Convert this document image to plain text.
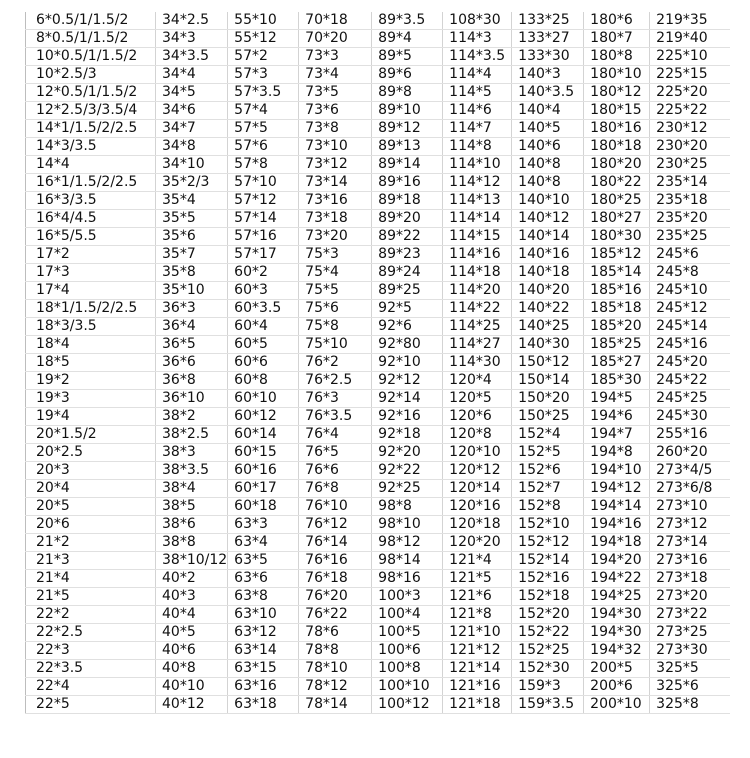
6*0.5/1/1.5/2	34*2.5	55*10	70*18	89*3.5	108*30	133*25	180*6	219*35
8*0.5/1/1.5/2	34*3	55*12	70*20	89*4	114*3	133*27	180*7	219*40
10*0.5/1/1.5/2	34*3.5	57*2	73*3	89*5	114*3.5	133*30	180*8	225*10
10*2.5/3	34*4	57*3	73*4	89*6	114*4	140*3	180*10	225*15
12*0.5/1/1.5/2	34*5	57*3.5	73*5	89*8	114*5	140*3.5	180*12	225*20
12*2.5/3/3.5/4	34*6	57*4	73*6	89*10	114*6	140*4	180*15	225*22
14*1/1.5/2/2.5	34*7	57*5	73*8	89*12	114*7	140*5	180*16	230*12
14*3/3.5	34*8	57*6	73*10	89*13	114*8	140*6	180*18	230*20
14*4	34*10	57*8	73*12	89*14	114*10	140*8	180*20	230*25
16*1/1.5/2/2.5	35*2/3	57*10	73*14	89*16	114*12	140*8	180*22	235*14
16*3/3.5	35*4	57*12	73*16	89*18	114*13	140*10	180*25	235*18
16*4/4.5	35*5	57*14	73*18	89*20	114*14	140*12	180*27	235*20
16*5/5.5	35*6	57*16	73*20	89*22	114*15	140*14	180*30	235*25
17*2	35*7	57*17	75*3	89*23	114*16	140*16	185*12	245*6
17*3	35*8	60*2	75*4	89*24	114*18	140*18	185*14	245*8
17*4	35*10	60*3	75*5	89*25	114*20	140*20	185*16	245*10
18*1/1.5/2/2.5	36*3	60*3.5	75*6	92*5	114*22	140*22	185*18	245*12
18*3/3.5	36*4	60*4	75*8	92*6	114*25	140*25	185*20	245*14
18*4	36*5	60*5	75*10	92*80	114*27	140*30	185*25	245*16
18*5	36*6	60*6	76*2	92*10	114*30	150*12	185*27	245*20
19*2	36*8	60*8	76*2.5	92*12	120*4	150*14	185*30	245*22
19*3	36*10	60*10	76*3	92*14	120*5	150*20	194*5	245*25
19*4	38*2	60*12	76*3.5	92*16	120*6	150*25	194*6	245*30
20*1.5/2	38*2.5	60*14	76*4	92*18	120*8	152*4	194*7	255*16
20*2.5	38*3	60*15	76*5	92*20	120*10	152*5	194*8	260*20
20*3	38*3.5	60*16	76*6	92*22	120*12	152*6	194*10	273*4/5
20*4	38*4	60*17	76*8	92*25	120*14	152*7	194*12	273*6/8
20*5	38*5	60*18	76*10	98*8	120*16	152*8	194*14	273*10
20*6	38*6	63*3	76*12	98*10	120*18	152*10	194*16	273*12
21*2	38*8	63*4	76*14	98*12	120*20	152*12	194*18	273*14
21*3	38*10/12	63*5	76*16	98*14	121*4	152*14	194*20	273*16
21*4	40*2	63*6	76*18	98*16	121*5	152*16	194*22	273*18
21*5	40*3	63*8	76*20	100*3	121*6	152*18	194*25	273*20
22*2	40*4	63*10	76*22	100*4	121*8	152*20	194*30	273*22
22*2.5	40*5	63*12	78*6	100*5	121*10	152*22	194*30	273*25
22*3	40*6	63*14	78*8	100*6	121*12	152*25	194*32	273*30
22*3.5	40*8	63*15	78*10	100*8	121*14	152*30	200*5	325*5
22*4	40*10	63*16	78*12	100*10	121*16	159*3	200*6	325*6
22*5	40*12	63*18	78*14	100*12	121*18	159*3.5	200*10	325*8
